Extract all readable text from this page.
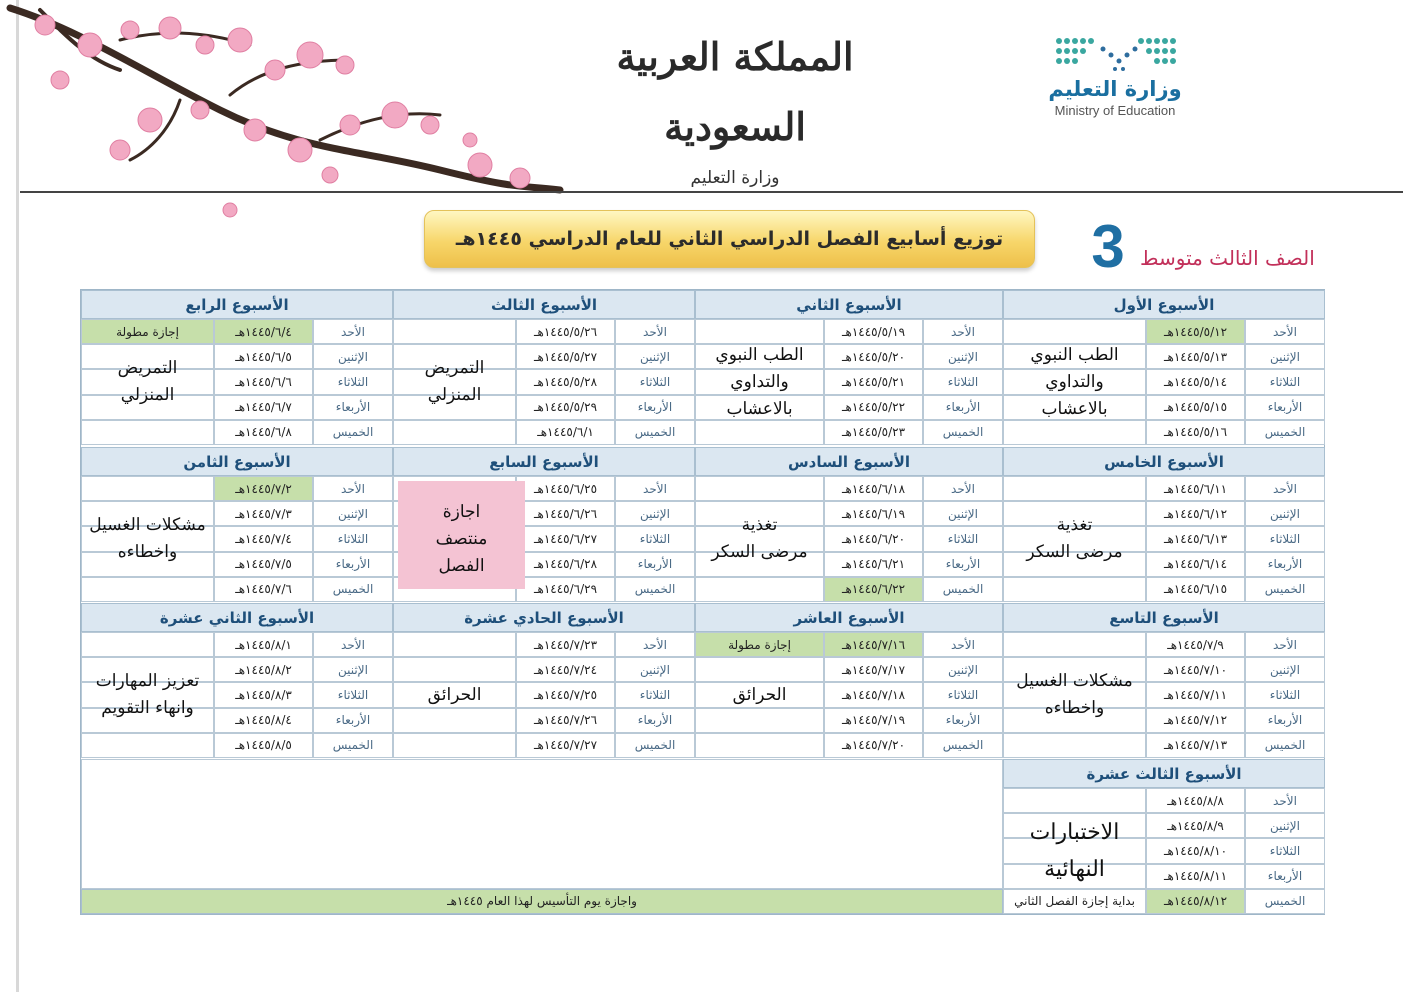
المملكة العربية السعودية
وزارة التعليم
وزارة التعليم
Ministry of Education
توزيع أسابيع الفصل الدراسي الثاني للعام الدراسي ١٤٤٥هـ 3 الصف الثالث متوسط
الأسبوع الأول
الأحد
١٤٤٥/٥/١٢هـ
الإثنين
١٤٤٥/٥/١٣هـ
الثلاثاء
١٤٤٥/٥/١٤هـ
الأربعاء
١٤٤٥/٥/١٥هـ
الخميس
١٤٤٥/٥/١٦هـ
الطب النبوي
والتداوي
بالاعشاب
الأسبوع الثاني
الأحد
١٤٤٥/٥/١٩هـ
الإثنين
١٤٤٥/٥/٢٠هـ
الثلاثاء
١٤٤٥/٥/٢١هـ
الأربعاء
١٤٤٥/٥/٢٢هـ
الخميس
١٤٤٥/٥/٢٣هـ
الطب النبوي
والتداوي
بالاعشاب
الأسبوع الثالث
الأحد
١٤٤٥/٥/٢٦هـ
الإثنين
١٤٤٥/٥/٢٧هـ
الثلاثاء
١٤٤٥/٥/٢٨هـ
الأربعاء
١٤٤٥/٥/٢٩هـ
الخميس
١٤٤٥/٦/١هـ
التمريض
المنزلي
الأسبوع الرابع
الأحد
١٤٤٥/٦/٤هـ
إجازة مطولة
الإثنين
١٤٤٥/٦/٥هـ
الثلاثاء
١٤٤٥/٦/٦هـ
الأربعاء
١٤٤٥/٦/٧هـ
الخميس
١٤٤٥/٦/٨هـ
التمريض
المنزلي
الأسبوع الخامس
الأحد
١٤٤٥/٦/١١هـ
الإثنين
١٤٤٥/٦/١٢هـ
الثلاثاء
١٤٤٥/٦/١٣هـ
الأربعاء
١٤٤٥/٦/١٤هـ
الخميس
١٤٤٥/٦/١٥هـ
تغذية
مرضى السكر
الأسبوع السادس
الأحد
١٤٤٥/٦/١٨هـ
الإثنين
١٤٤٥/٦/١٩هـ
الثلاثاء
١٤٤٥/٦/٢٠هـ
الأربعاء
١٤٤٥/٦/٢١هـ
الخميس
١٤٤٥/٦/٢٢هـ
تغذية
مرضى السكر
الأسبوع السابع
الأحد
١٤٤٥/٦/٢٥هـ
الإثنين
١٤٤٥/٦/٢٦هـ
الثلاثاء
١٤٤٥/٦/٢٧هـ
الأربعاء
١٤٤٥/٦/٢٨هـ
الخميس
١٤٤٥/٦/٢٩هـ
اجازة
منتصف
الفصل
الأسبوع الثامن
الأحد
١٤٤٥/٧/٢هـ
الإثنين
١٤٤٥/٧/٣هـ
الثلاثاء
١٤٤٥/٧/٤هـ
الأربعاء
١٤٤٥/٧/٥هـ
الخميس
١٤٤٥/٧/٦هـ
مشكلات الغسيل
واخطاءه
الأسبوع التاسع
الأحد
١٤٤٥/٧/٩هـ
الإثنين
١٤٤٥/٧/١٠هـ
الثلاثاء
١٤٤٥/٧/١١هـ
الأربعاء
١٤٤٥/٧/١٢هـ
الخميس
١٤٤٥/٧/١٣هـ
مشكلات الغسيل
واخطاءه
الأسبوع العاشر
الأحد
١٤٤٥/٧/١٦هـ
إجازة مطولة
الإثنين
١٤٤٥/٧/١٧هـ
الثلاثاء
١٤٤٥/٧/١٨هـ
الأربعاء
١٤٤٥/٧/١٩هـ
الخميس
١٤٤٥/٧/٢٠هـ
الحرائق
الأسبوع الحادي عشرة
الأحد
١٤٤٥/٧/٢٣هـ
الإثنين
١٤٤٥/٧/٢٤هـ
الثلاثاء
١٤٤٥/٧/٢٥هـ
الأربعاء
١٤٤٥/٧/٢٦هـ
الخميس
١٤٤٥/٧/٢٧هـ
الحرائق
الأسبوع الثاني عشرة
الأحد
١٤٤٥/٨/١هـ
الإثنين
١٤٤٥/٨/٢هـ
الثلاثاء
١٤٤٥/٨/٣هـ
الأربعاء
١٤٤٥/٨/٤هـ
الخميس
١٤٤٥/٨/٥هـ
تعزيز المهارات
وانهاء التقويم
الأسبوع الثالث عشرة
الأحد
١٤٤٥/٨/٨هـ
الإثنين
١٤٤٥/٨/٩هـ
الثلاثاء
١٤٤٥/٨/١٠هـ
الأربعاء
١٤٤٥/٨/١١هـ
الخميس
١٤٤٥/٨/١٢هـ
بداية إجازة الفصل الثاني
الاختبارات
النهائية
واجازة يوم التأسيس لهذا العام ١٤٤٥هـ
